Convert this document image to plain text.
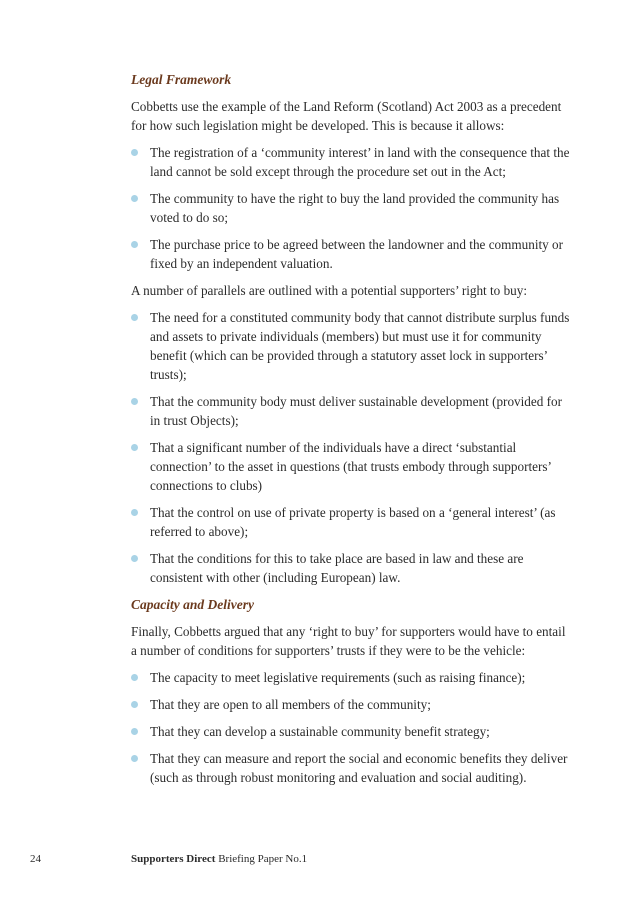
Legal Framework
Cobbetts use the example of the Land Reform (Scotland) Act 2003 as a precedent for how such legislation might be developed. This is because it allows:
The registration of a ‘community interest’ in land with the consequence that the land cannot be sold except through the procedure set out in the Act;
The community to have the right to buy the land provided the community has voted to do so;
The purchase price to be agreed between the landowner and the community or fixed by an independent valuation.
A number of parallels are outlined with a potential supporters’ right to buy:
The need for a constituted community body that cannot distribute surplus funds and assets to private individuals (members) but must use it for community benefit (which can be provided through a statutory asset lock in supporters’ trusts);
That the community body must deliver sustainable development (provided for in trust Objects);
That a significant number of the individuals have a direct ‘substantial connection’ to the asset in questions (that trusts embody through supporters’ connections to clubs)
That the control on use of private property is based on a ‘general interest’ (as referred to above);
That the conditions for this to take place are based in law and these are consistent with other (including European) law.
Capacity and Delivery
Finally, Cobbetts argued that any ‘right to buy’ for supporters would have to entail a number of conditions for supporters’ trusts if they were to be the vehicle:
The capacity to meet legislative requirements (such as raising finance);
That they are open to all members of the community;
That they can develop a sustainable community benefit strategy;
That they can measure and report the social and economic benefits they deliver (such as through robust monitoring and evaluation and social auditing).
24	Supporters Direct Briefing Paper No.1
